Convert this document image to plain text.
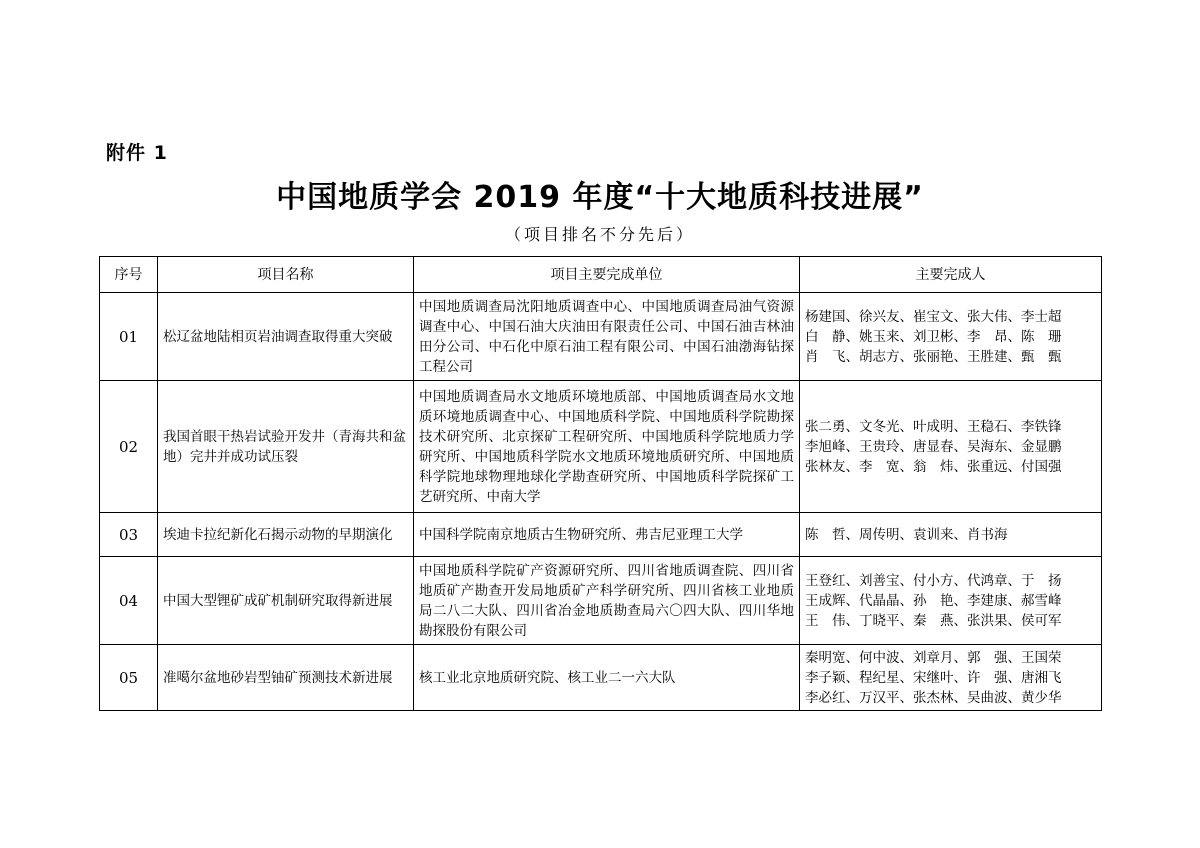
附件 1
中国地质学会 2019 年度“十大地质科技进展”
（项目排名不分先后）
序号	项目名称	项目主要完成单位	主要完成人
01	松辽盆地陆相页岩油调查取得重大突破	中国地质调查局沈阳地质调查中心、中国地质调查局油气资源调查中心、中国石油大庆油田有限责任公司、中国石油吉林油田分公司、中石化中原石油工程有限公司、中国石油渤海钻探工程公司	杨建国、徐兴友、崔宝文、张大伟、李士超
白　静、姚玉来、刘卫彬、李　昂、陈　珊
肖　飞、胡志方、张丽艳、王胜建、甄　甄

02	我国首眼干热岩试验开发井（青海共和盆地）完井并成功试压裂	中国地质调查局水文地质环境地质部、中国地质调查局水文地质环境地质调查中心、中国地质科学院、中国地质科学院勘探技术研究所、北京探矿工程研究所、中国地质科学院地质力学研究所、中国地质科学院水文地质环境地质研究所、中国地质科学院地球物理地球化学勘查研究所、中国地质科学院探矿工艺研究所、中南大学	张二勇、文冬光、叶成明、王稳石、李铁锋
李旭峰、王贵玲、唐显春、吴海东、金显鹏
张林友、李　宽、翁　炜、张重远、付国强

03	埃迪卡拉纪新化石揭示动物的早期演化	中国科学院南京地质古生物研究所、弗吉尼亚理工大学	陈　哲、周传明、袁训来、肖书海

04	中国大型锂矿成矿机制研究取得新进展	中国地质科学院矿产资源研究所、四川省地质调查院、四川省地质矿产勘查开发局地质矿产科学研究所、四川省核工业地质局二八二大队、四川省冶金地质勘查局六〇四大队、四川华地勘探股份有限公司	王登红、刘善宝、付小方、代鸿章、于　扬
王成辉、代晶晶、孙　艳、李建康、郝雪峰
王　伟、丁晓平、秦　燕、张洪果、侯可军

05	准噶尔盆地砂岩型铀矿预测技术新进展	核工业北京地质研究院、核工业二一六大队	秦明宽、何中波、刘章月、郭　强、王国荣
李子颖、程纪星、宋继叶、许　强、唐湘飞
李必红、万汉平、张杰林、吴曲波、黄少华
